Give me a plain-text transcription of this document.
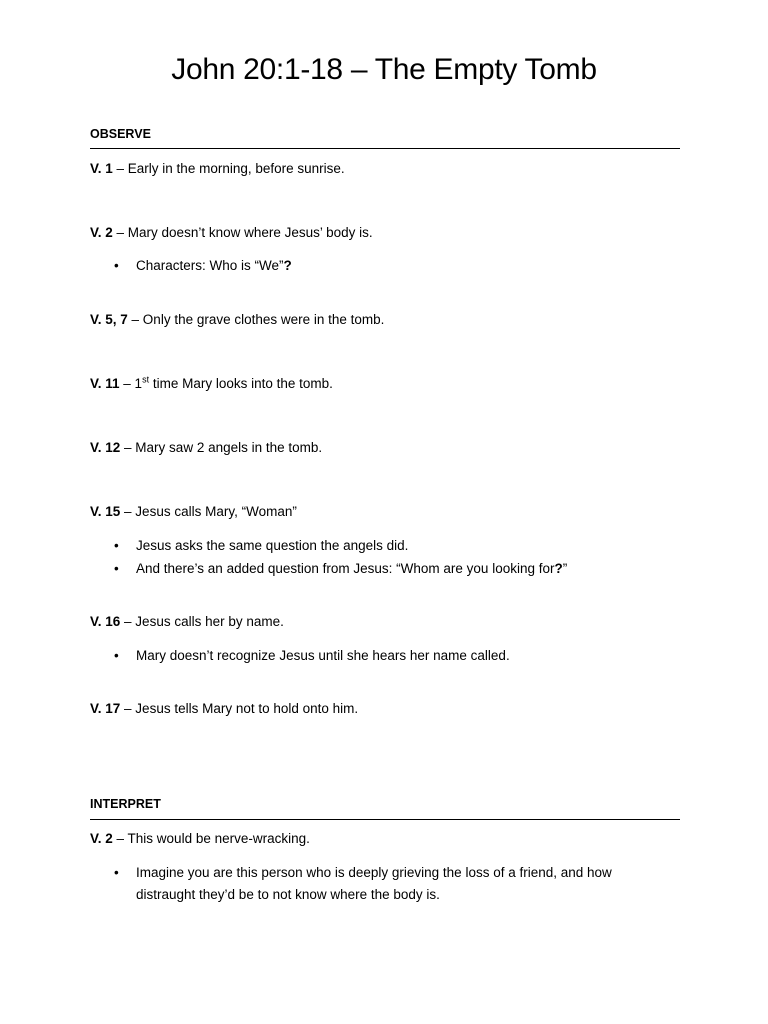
John 20:1-18 – The Empty Tomb
OBSERVE
V. 1 – Early in the morning, before sunrise.
V. 2 – Mary doesn’t know where Jesus’ body is.
•	Characters: Who is “We”?
V. 5, 7 – Only the grave clothes were in the tomb.
V. 11 – 1st time Mary looks into the tomb.
V. 12 – Mary saw 2 angels in the tomb.
V. 15 – Jesus calls Mary, “Woman”
•	Jesus asks the same question the angels did.
•	And there’s an added question from Jesus: “Whom are you looking for?”
V. 16 – Jesus calls her by name.
•	Mary doesn’t recognize Jesus until she hears her name called.
V. 17 – Jesus tells Mary not to hold onto him.
INTERPRET
V. 2 – This would be nerve-wracking.
•	Imagine you are this person who is deeply grieving the loss of a friend, and how
distraught they’d be to not know where the body is.
